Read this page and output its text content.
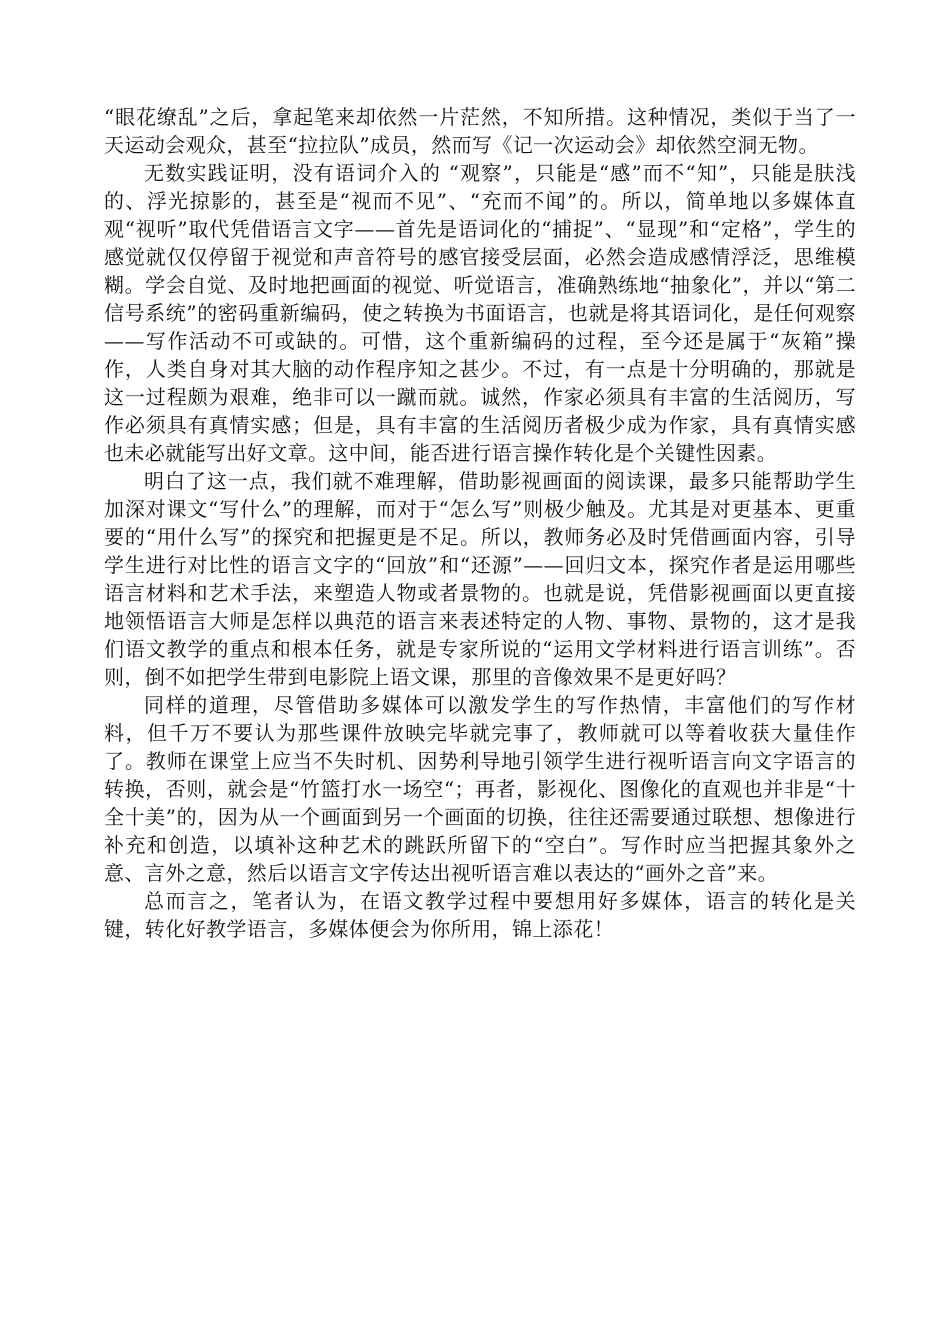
“眼花缭乱”之后，拿起笔来却依然一片茫然，不知所措。这种情况，类似于当了一天运动会观众，甚至“拉拉队”成员，然而写《记一次运动会》却依然空洞无物。

无数实践证明，没有语词介入的 “观察”，只能是“感”而不“知”，只能是肤浅的、浮光掠影的，甚至是“视而不见”、“充而不闻”的。所以，简单地以多媒体直观“视听”取代凭借语言文字——首先是语词化的“捕捉”、“显现”和“定格”，学生的感觉就仅仅停留于视觉和声音符号的感官接受层面，必然会造成感情浮泛，思维模糊。学会自觉、及时地把画面的视觉、听觉语言，准确熟练地“抽象化”，并以“第二信号系统”的密码重新编码，使之转换为书面语言，也就是将其语词化，是任何观察——写作活动不可或缺的。可惜，这个重新编码的过程，至今还是属于“灰箱”操作，人类自身对其大脑的动作程序知之甚少。不过，有一点是十分明确的，那就是这一过程颇为艰难，绝非可以一蹴而就。诚然，作家必须具有丰富的生活阅历，写作必须具有真情实感；但是，具有丰富的生活阅历者极少成为作家，具有真情实感也未必就能写出好文章。这中间，能否进行语言操作转化是个关键性因素。

明白了这一点，我们就不难理解，借助影视画面的阅读课，最多只能帮助学生加深对课文“写什么”的理解，而对于“怎么写”则极少触及。尤其是对更基本、更重要的“用什么写”的探究和把握更是不足。所以，教师务必及时凭借画面内容，引导学生进行对比性的语言文字的“回放”和“还源”——回归文本，探究作者是运用哪些语言材料和艺术手法，来塑造人物或者景物的。也就是说，凭借影视画面以更直接地领悟语言大师是怎样以典范的语言来表述特定的人物、事物、景物的，这才是我们语文教学的重点和根本任务，就是专家所说的“运用文学材料进行语言训练”。否则，倒不如把学生带到电影院上语文课，那里的音像效果不是更好吗？

同样的道理，尽管借助多媒体可以激发学生的写作热情，丰富他们的写作材料，但千万不要认为那些课件放映完毕就完事了，教师就可以等着收获大量佳作了。教师在课堂上应当不失时机、因势利导地引领学生进行视听语言向文字语言的转换，否则，就会是“竹篮打水一场空“；再者，影视化、图像化的直观也并非是“十全十美”的，因为从一个画面到另一个画面的切换，往往还需要通过联想、想像进行补充和创造，以填补这种艺术的跳跃所留下的“空白”。写作时应当把握其象外之意、言外之意，然后以语言文字传达出视听语言难以表达的“画外之音”来。

总而言之，笔者认为，在语文教学过程中要想用好多媒体，语言的转化是关键，转化好教学语言，多媒体便会为你所用，锦上添花！
